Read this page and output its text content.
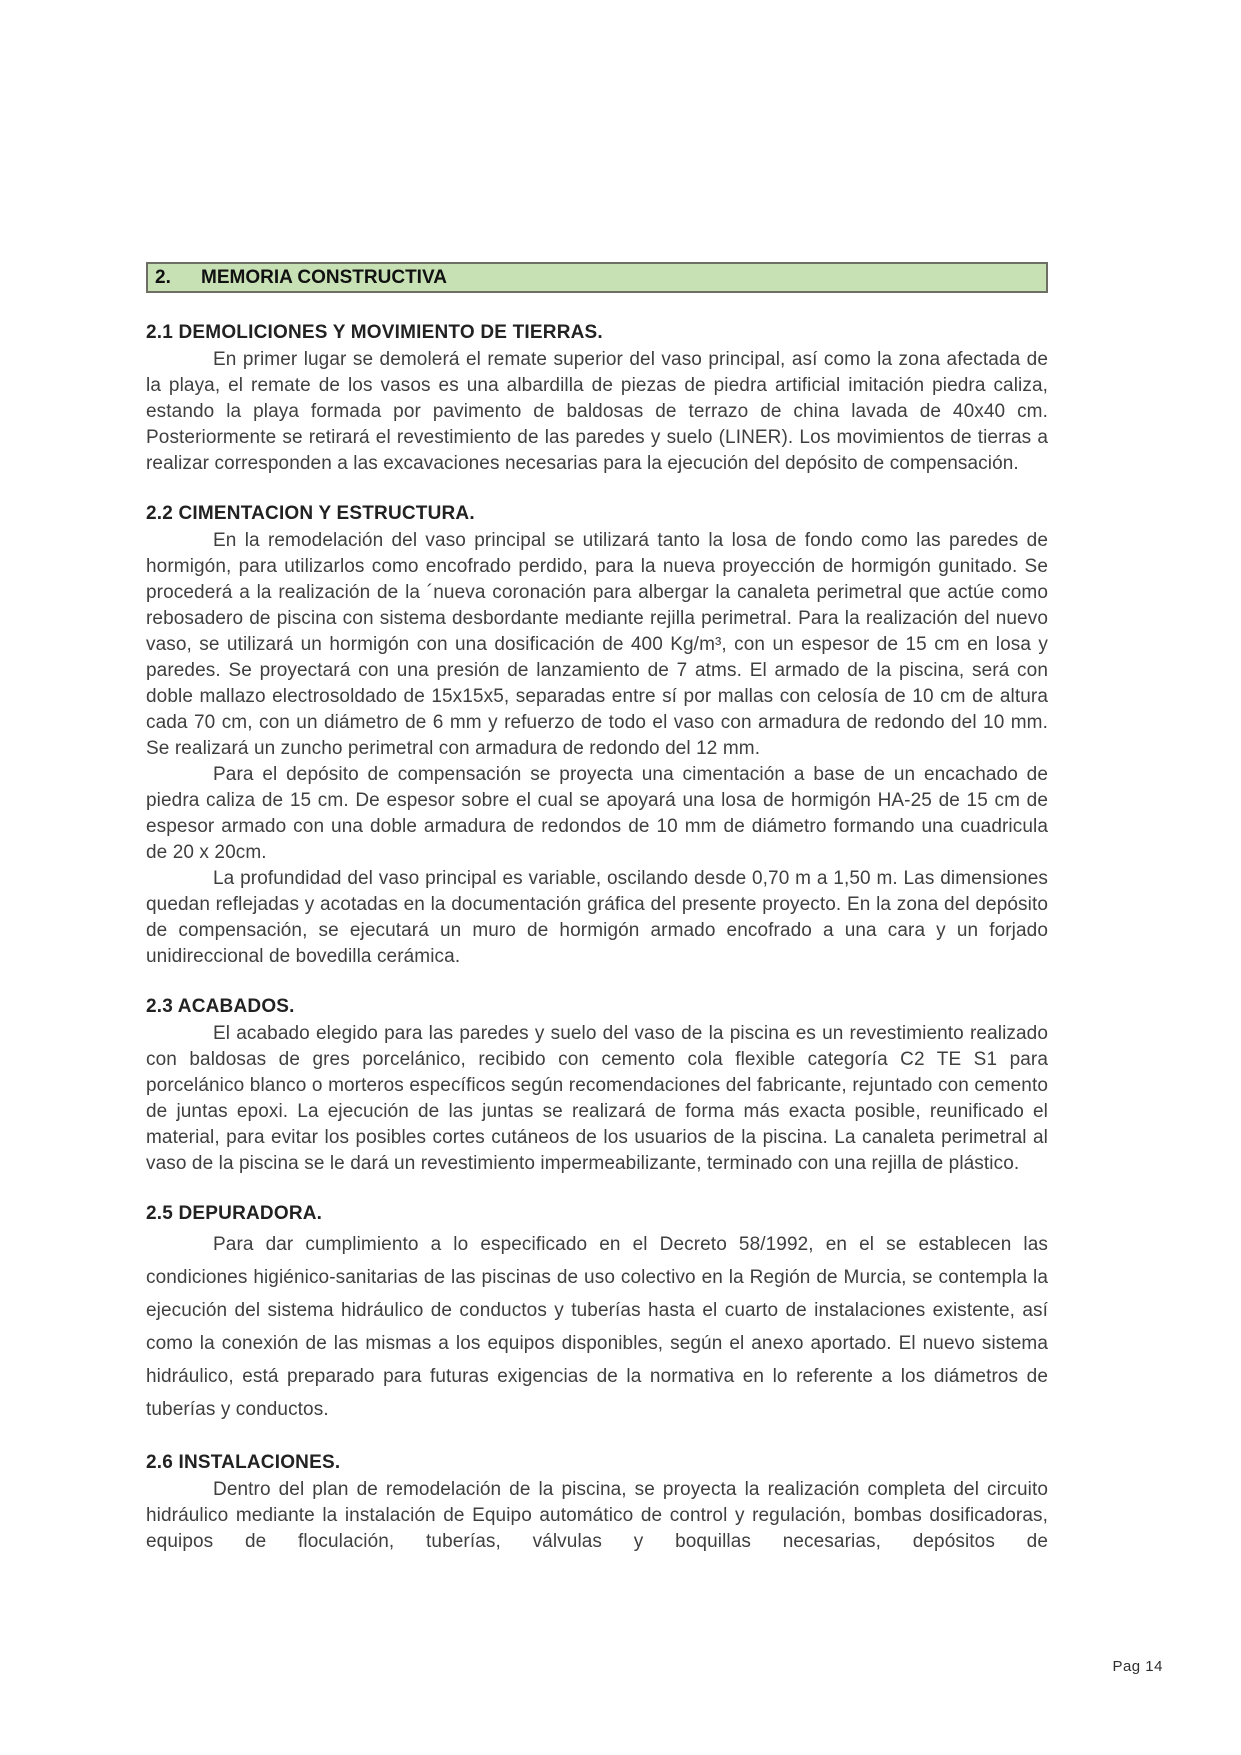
2.	MEMORIA CONSTRUCTIVA
2.1 DEMOLICIONES Y MOVIMIENTO DE TIERRAS.

En primer lugar se demolerá el remate superior del vaso principal, así como la zona afectada de la playa, el remate de los vasos es una albardilla de piezas de piedra artificial imitación piedra caliza, estando la playa formada por pavimento de baldosas de terrazo de china lavada de 40x40 cm. Posteriormente se retirará el revestimiento de las paredes y suelo (LINER). Los movimientos de tierras a realizar corresponden a las excavaciones necesarias para la ejecución del depósito de compensación.

2.2 CIMENTACION Y ESTRUCTURA.

En la remodelación del vaso principal se utilizará tanto la losa de fondo como las paredes de hormigón, para utilizarlos como encofrado perdido, para la nueva proyección de hormigón gunitado. Se procederá a la realización de la ´nueva coronación para albergar la canaleta perimetral que actúe como rebosadero de piscina con sistema desbordante mediante rejilla perimetral. Para la realización del nuevo vaso, se utilizará un hormigón con una dosificación de 400 Kg/m³, con un espesor de 15 cm en losa y paredes. Se proyectará con una presión de lanzamiento de 7 atms. El armado de la piscina, será con doble mallazo electrosoldado de 15x15x5, separadas entre sí por mallas con celosía de 10 cm de altura cada 70 cm, con un diámetro de 6 mm y refuerzo de todo el vaso con armadura de redondo del 10 mm. Se realizará un zuncho perimetral con armadura de redondo del 12 mm.

Para el depósito de compensación se proyecta una cimentación a base de un encachado de piedra caliza de 15 cm. De espesor sobre el cual se apoyará una losa de hormigón HA-25 de 15 cm de espesor armado con una doble armadura de redondos de 10 mm de diámetro formando una cuadricula de 20 x 20cm.

La profundidad del vaso principal es variable, oscilando desde 0,70 m a 1,50 m. Las dimensiones quedan reflejadas y acotadas en la documentación gráfica del presente proyecto. En la zona del depósito de compensación, se ejecutará un muro de hormigón armado encofrado a una cara y un forjado unidireccional de bovedilla cerámica.

2.3 ACABADOS.

El acabado elegido para las paredes y suelo del vaso de la piscina es un revestimiento realizado con baldosas de gres porcelánico, recibido con cemento cola flexible categoría C2 TE S1 para porcelánico blanco o morteros específicos según recomendaciones del fabricante, rejuntado con cemento de juntas epoxi. La ejecución de las juntas se realizará de forma más exacta posible, reunificado el material, para evitar los posibles cortes cutáneos de los usuarios de la piscina. La canaleta perimetral al vaso de la piscina se le dará un revestimiento impermeabilizante, terminado con una rejilla de plástico.

2.5 DEPURADORA.

Para dar cumplimiento a lo especificado en el Decreto 58/1992, en el se establecen las condiciones higiénico-sanitarias de las piscinas de uso colectivo en la Región de Murcia, se contempla la ejecución del sistema hidráulico de conductos y tuberías hasta el cuarto de instalaciones existente, así como la conexión de las mismas a los equipos disponibles, según el anexo aportado. El nuevo sistema hidráulico, está preparado para futuras exigencias de la normativa en lo referente a los diámetros de tuberías y conductos.

2.6 INSTALACIONES.

Dentro del plan de remodelación de la piscina, se proyecta la realización completa del circuito hidráulico mediante la instalación de Equipo automático de control y regulación, bombas dosificadoras, equipos de floculación, tuberías, válvulas y boquillas necesarias, depósitos de

Pag 14
